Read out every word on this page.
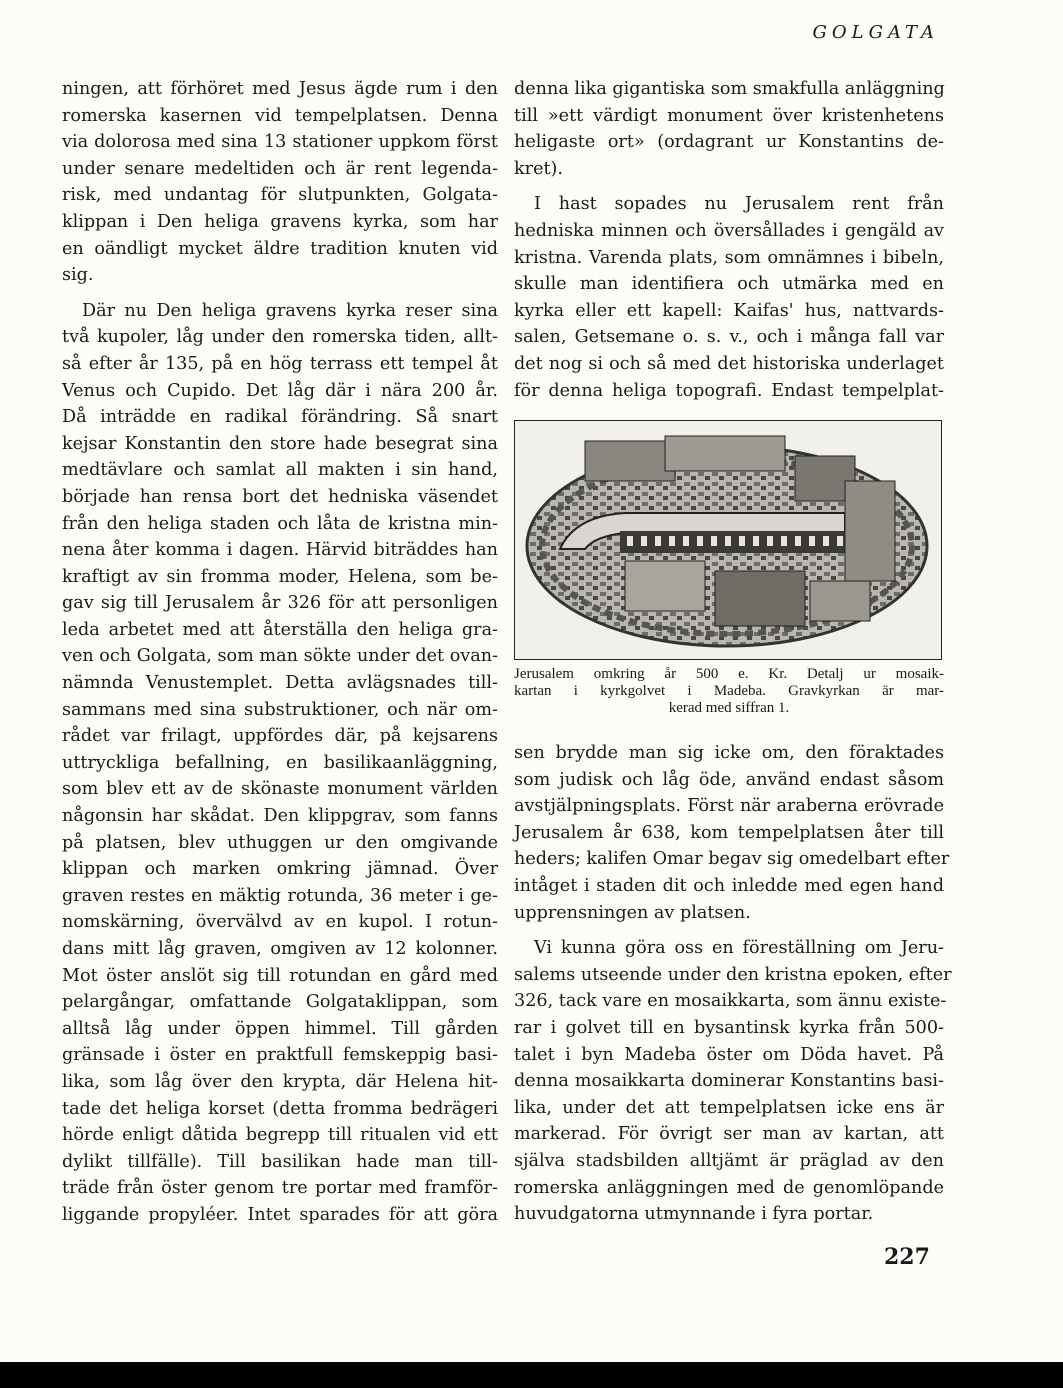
GOLGATA
ningen, att förhöret med Jesus ägde rum i den
romerska kasernen vid tempelplatsen. Denna
via dolorosa med sina 13 stationer uppkom först
under senare medeltiden och är rent legenda-
risk, med undantag för slutpunkten, Golgata-
klippan i Den heliga gravens kyrka, som har
en oändligt mycket äldre tradition knuten vid
sig.
Där nu Den heliga gravens kyrka reser sina
två kupoler, låg under den romerska tiden, allt-
så efter år 135, på en hög terrass ett tempel åt
Venus och Cupido. Det låg där i nära 200 år.
Då inträdde en radikal förändring. Så snart
kejsar Konstantin den store hade besegrat sina
medtävlare och samlat all makten i sin hand,
började han rensa bort det hedniska väsendet
från den heliga staden och låta de kristna min-
nena åter komma i dagen. Härvid biträddes han
kraftigt av sin fromma moder, Helena, som be-
gav sig till Jerusalem år 326 för att personligen
leda arbetet med att återställa den heliga gra-
ven och Golgata, som man sökte under det ovan-
nämnda Venustemplet. Detta avlägsnades till-
sammans med sina substruktioner, och när om-
rådet var frilagt, uppfördes där, på kejsarens
uttryckliga befallning, en basilikaanläggning,
som blev ett av de skönaste monument världen
någonsin har skådat. Den klippgrav, som fanns
på platsen, blev uthuggen ur den omgivande
klippan och marken omkring jämnad. Över
graven restes en mäktig rotunda, 36 meter i ge-
nomskärning, övervälvd av en kupol. I rotun-
dans mitt låg graven, omgiven av 12 kolonner.
Mot öster anslöt sig till rotundan en gård med
pelargångar, omfattande Golgataklippan, som
alltså låg under öppen himmel. Till gården
gränsade i öster en praktfull femskeppig basi-
lika, som låg över den krypta, där Helena hit-
tade det heliga korset (detta fromma bedrägeri
hörde enligt dåtida begrepp till ritualen vid ett
dylikt tillfälle). Till basilikan hade man till-
träde från öster genom tre portar med framför-
liggande propyléer. Intet sparades för att göra
denna lika gigantiska som smakfulla anläggning
till »ett värdigt monument över kristenhetens
heligaste ort» (ordagrant ur Konstantins de-
kret).
I hast sopades nu Jerusalem rent från
hedniska minnen och översållades i gengäld av
kristna. Varenda plats, som omnämnes i bibeln,
skulle man identifiera och utmärka med en
kyrka eller ett kapell: Kaifas' hus, nattvards-
salen, Getsemane o. s. v., och i många fall var
det nog si och så med det historiska underlaget
för denna heliga topografi. Endast tempelplat-
Jerusalem omkring år 500 e. Kr. Detalj ur mosaik-
kartan i kyrkgolvet i Madeba. Gravkyrkan är mar-
kerad med siffran 1.
sen brydde man sig icke om, den föraktades
som judisk och låg öde, använd endast såsom
avstjälpningsplats. Först när araberna erövrade
Jerusalem år 638, kom tempelplatsen åter till
heders; kalifen Omar begav sig omedelbart efter
intåget i staden dit och inledde med egen hand
upprensningen av platsen.
Vi kunna göra oss en föreställning om Jeru-
salems utseende under den kristna epoken, efter
326, tack vare en mosaikkarta, som ännu existe-
rar i golvet till en bysantinsk kyrka från 500-
talet i byn Madeba öster om Döda havet. På
denna mosaikkarta dominerar Konstantins basi-
lika, under det att tempelplatsen icke ens är
markerad. För övrigt ser man av kartan, att
själva stadsbilden alltjämt är präglad av den
romerska anläggningen med de genomlöpande
huvudgatorna utmynnande i fyra portar.
227
